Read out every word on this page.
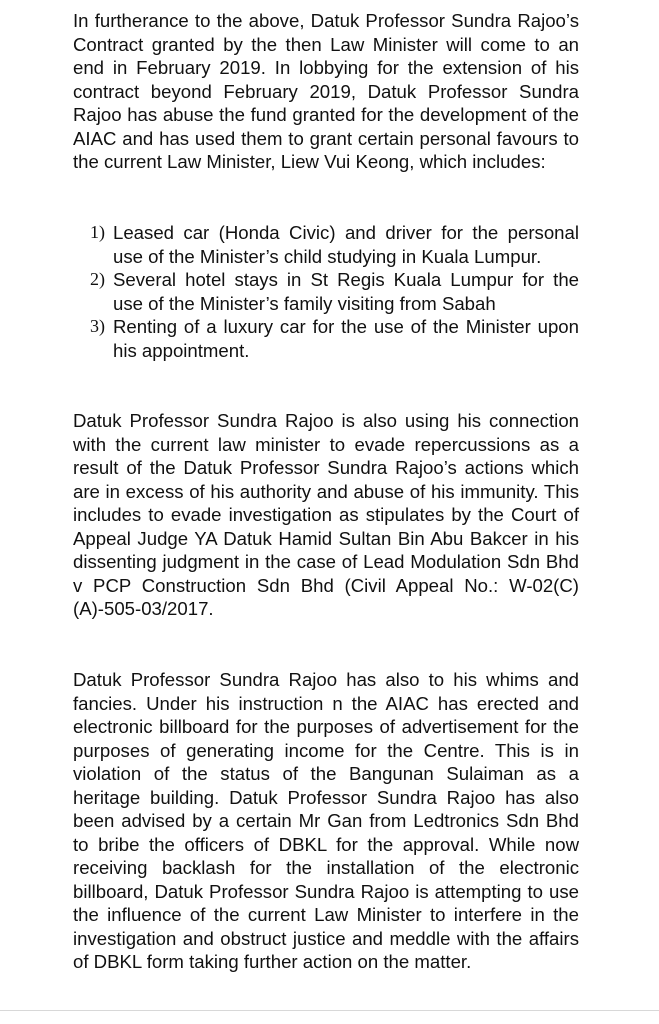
In furtherance to the above, Datuk Professor Sundra Rajoo’s Contract granted by the then Law Minister will come to an end in February 2019. In lobbying for the extension of his contract beyond February 2019, Datuk Professor Sundra Rajoo has abuse the fund granted for the development of the AIAC and has used them to grant certain personal favours to the current Law Minister, Liew Vui Keong, which includes:

1) Leased car (Honda Civic) and driver for the personal use of the Minister’s child studying in Kuala Lumpur.
2) Several hotel stays in St Regis Kuala Lumpur for the use of the Minister’s family visiting from Sabah
3) Renting of a luxury car for the use of the Minister upon his appointment.

Datuk Professor Sundra Rajoo is also using his connection with the current law minister to evade repercussions as a result of the Datuk Professor Sundra Rajoo’s actions which are in excess of his authority and abuse of his immunity. This includes to evade investigation as stipulates by the Court of Appeal Judge YA Datuk Hamid Sultan Bin Abu Bakcer in his dissenting judgment in the case of Lead Modulation Sdn Bhd v PCP Construction Sdn Bhd (Civil Appeal No.: W-02(C)(A)-505-03/2017.

Datuk Professor Sundra Rajoo has also to his whims and fancies. Under his instruction n the AIAC has erected and electronic billboard for the purposes of advertisement for the purposes of generating income for the Centre. This is in violation of the status of the Bangunan Sulaiman as a heritage building. Datuk Professor Sundra Rajoo has also been advised by a certain Mr Gan from Ledtronics Sdn Bhd to bribe the officers of DBKL for the approval. While now receiving backlash for the installation of the electronic billboard, Datuk Professor Sundra Rajoo is attempting to use the influence of the current Law Minister to interfere in the investigation and obstruct justice and meddle with the affairs of DBKL form taking further action on the matter.
